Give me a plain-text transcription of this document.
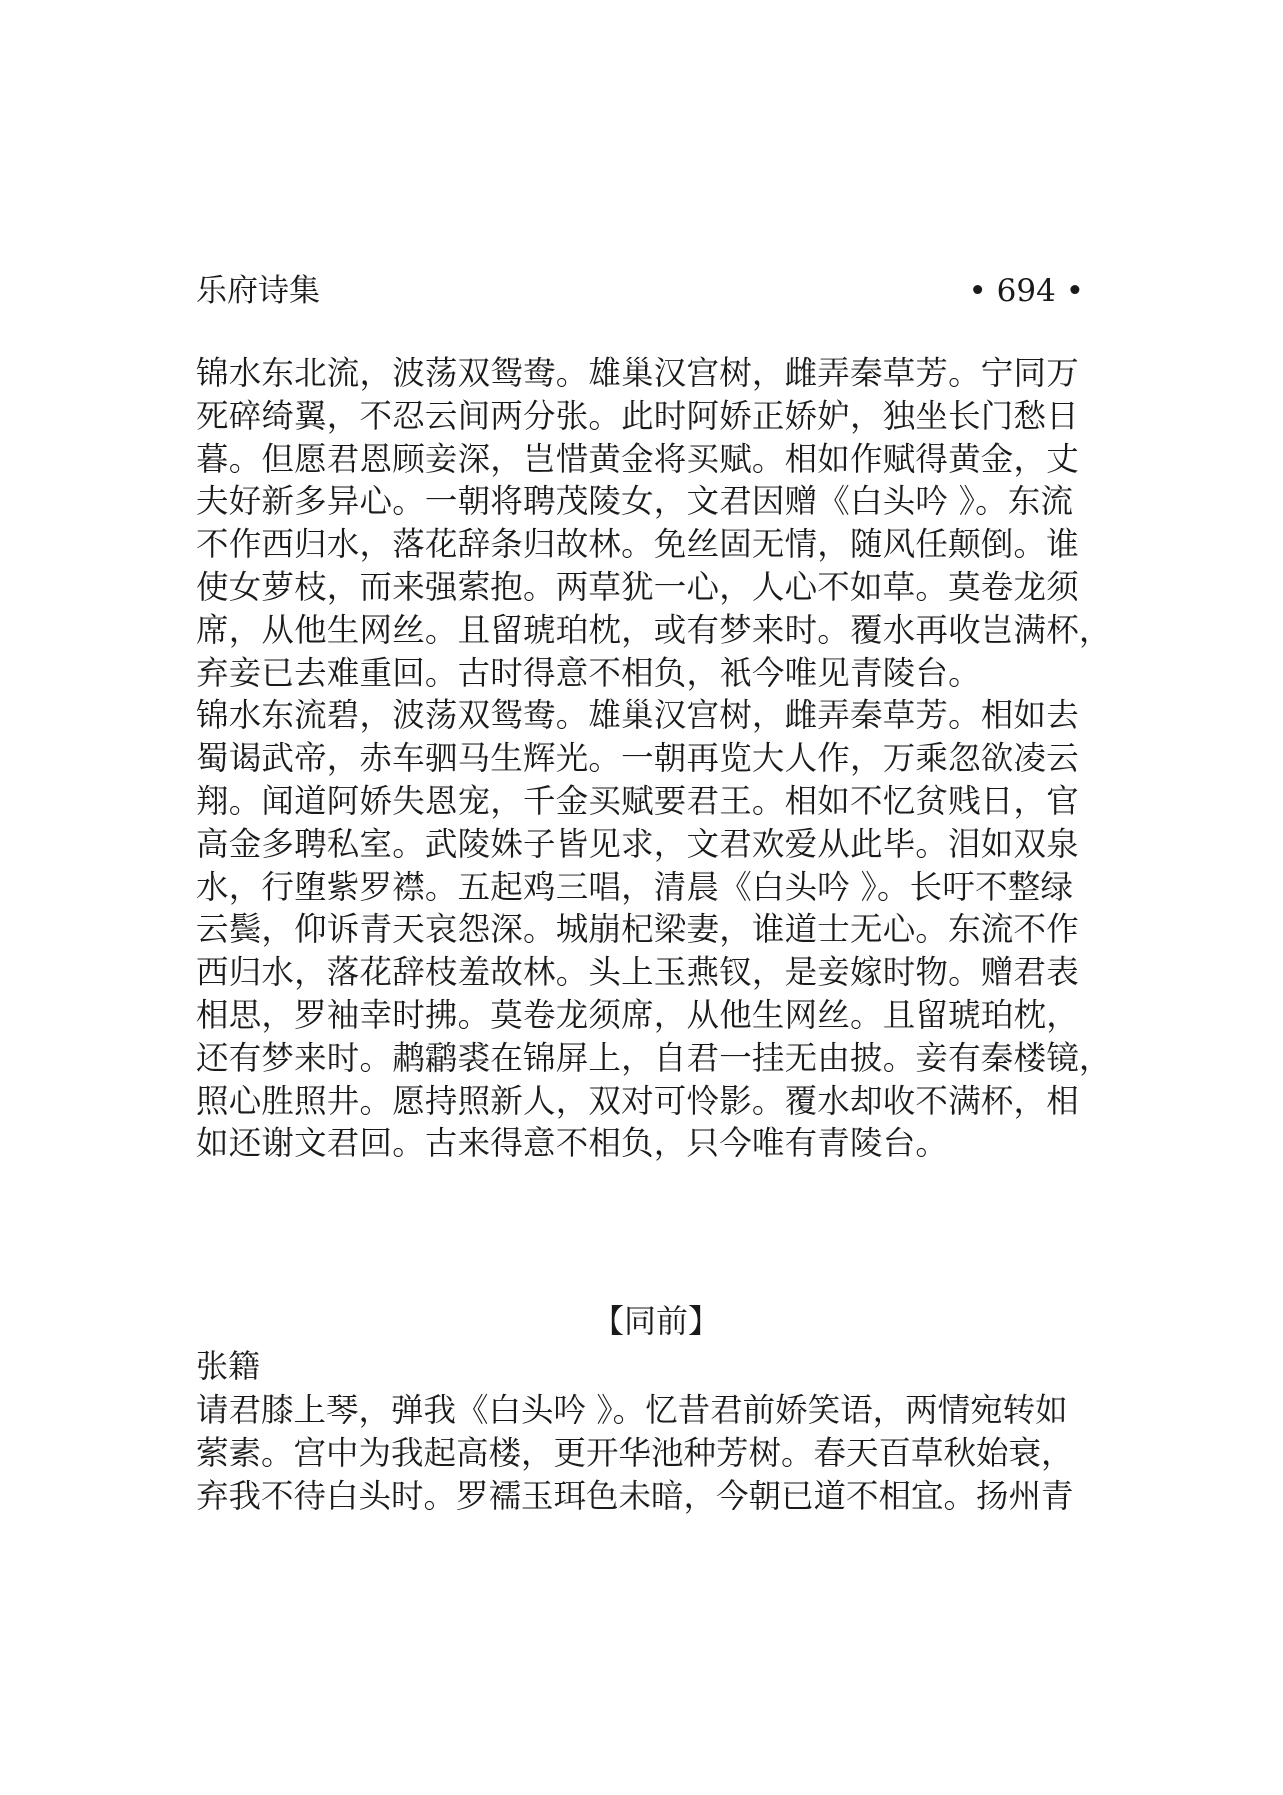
乐府诗集	• 694 •
锦水东北流，波荡双鸳鸯。雄巢汉宫树，雌弄秦草芳。宁同万
死碎绮翼，不忍云间两分张。此时阿娇正娇妒，独坐长门愁日
暮。但愿君恩顾妾深，岂惜黄金将买赋。相如作赋得黄金，丈
夫好新多异心。一朝将聘茂陵女，文君因赠《白头吟 》。东流
不作西归水，落花辞条归故林。免丝固无情，随风任颠倒。谁
使女萝枝，而来强萦抱。两草犹一心，人心不如草。莫卷龙须
席，从他生网丝。且留琥珀枕，或有梦来时。覆水再收岂满杯，
弃妾已去难重回。古时得意不相负，衹今唯见青陵台。
锦水东流碧，波荡双鸳鸯。雄巢汉宫树，雌弄秦草芳。相如去
蜀谒武帝，赤车驷马生辉光。一朝再览大人作，万乘忽欲凌云
翔。闻道阿娇失恩宠，千金买赋要君王。相如不忆贫贱日，官
高金多聘私室。武陵姝子皆见求，文君欢爱从此毕。泪如双泉
水，行堕紫罗襟。五起鸡三唱，清晨《白头吟 》。长吁不整绿
云鬓，仰诉青天哀怨深。城崩杞梁妻，谁道士无心。东流不作
西归水，落花辞枝羞故林。头上玉燕钗，是妾嫁时物。赠君表
相思，罗袖幸时拂。莫卷龙须席，从他生网丝。且留琥珀枕，
还有梦来时。鹔鹴裘在锦屏上，自君一挂无由披。妾有秦楼镜，
照心胜照井。愿持照新人，双对可怜影。覆水却收不满杯，相
如还谢文君回。古来得意不相负，只今唯有青陵台。
【同前】
张籍
请君膝上琴，弹我《白头吟 》。忆昔君前娇笑语，两情宛转如
萦素。宫中为我起高楼，更开华池种芳树。春天百草秋始衰，
弃我不待白头时。罗襦玉珥色未暗，今朝已道不相宜。扬州青
